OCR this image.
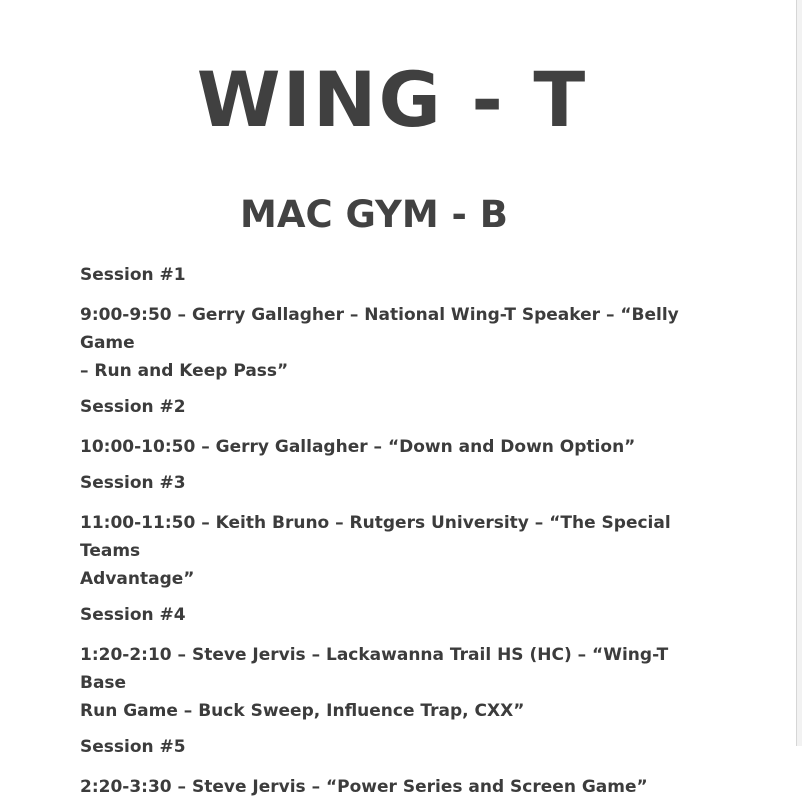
WING - T
MAC GYM - B
Session #1
9:00-9:50 – Gerry Gallagher – National Wing-T Speaker – “Belly Game
– Run and Keep Pass”
Session #2
10:00-10:50 – Gerry Gallagher – “Down and Down Option”
Session #3
11:00-11:50 – Keith Bruno – Rutgers University – “The Special Teams
Advantage”
Session #4
1:20-2:10 – Steve Jervis – Lackawanna Trail HS (HC) – “Wing-T Base
Run Game – Buck Sweep, Influence Trap, CXX”
Session #5
2:20-3:30 – Steve Jervis – “Power Series and Screen Game”
